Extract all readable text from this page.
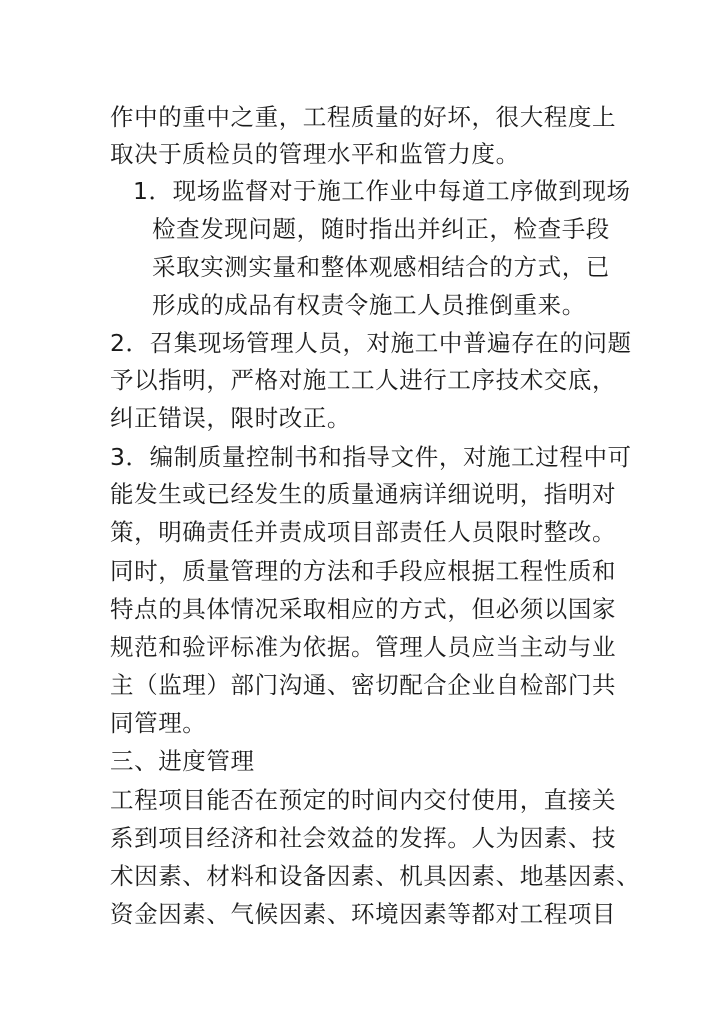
作中的重中之重，工程质量的好坏，很大程度上
取决于质检员的管理水平和监管力度。
1．现场监督对于施工作业中每道工序做到现场
检查发现问题，随时指出并纠正，检查手段
采取实测实量和整体观感相结合的方式，已
形成的成品有权责令施工人员推倒重来。
2．召集现场管理人员，对施工中普遍存在的问题
予以指明，严格对施工工人进行工序技术交底，
纠正错误，限时改正。
3．编制质量控制书和指导文件，对施工过程中可
能发生或已经发生的质量通病详细说明，指明对
策，明确责任并责成项目部责任人员限时整改。
同时，质量管理的方法和手段应根据工程性质和
特点的具体情况采取相应的方式，但必须以国家
规范和验评标准为依据。管理人员应当主动与业
主（监理）部门沟通、密切配合企业自检部门共
同管理。
三、进度管理
工程项目能否在预定的时间内交付使用，直接关
系到项目经济和社会效益的发挥。人为因素、技
术因素、材料和设备因素、机具因素、地基因素、
资金因素、气候因素、环境因素等都对工程项目
